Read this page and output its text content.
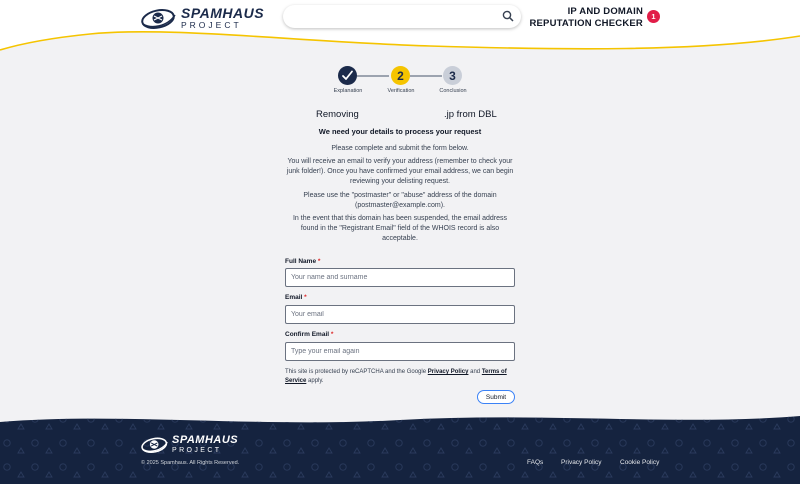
SPAMHAUS
PROJECT
IP AND DOMAIN
REPUTATION CHECKER
1
2	3
Explanation	Verification	Conclusion
Removing	.jp from DBL
We need your details to process your request
Please complete and submit the form below.
You will receive an email to verify your address (remember to check your junk folder!). Once you have confirmed your email address, we can begin reviewing your delisting request.
Please use the "postmaster" or "abuse" address of the domain (postmaster@example.com).
In the event that this domain has been suspended, the email address found in the "Registrant Email" field of the WHOIS record is also acceptable.
Full Name *
Your name and surname
Email *
Your email
Confirm Email *
Type your email again
This site is protected by reCAPTCHA and the Google Privacy Policy and Terms of Service apply.
Submit
SPAMHAUS
PROJECT
© 2025 Spamhaus. All Rights Reserved.	FAQs	Privacy Policy	Cookie Policy
